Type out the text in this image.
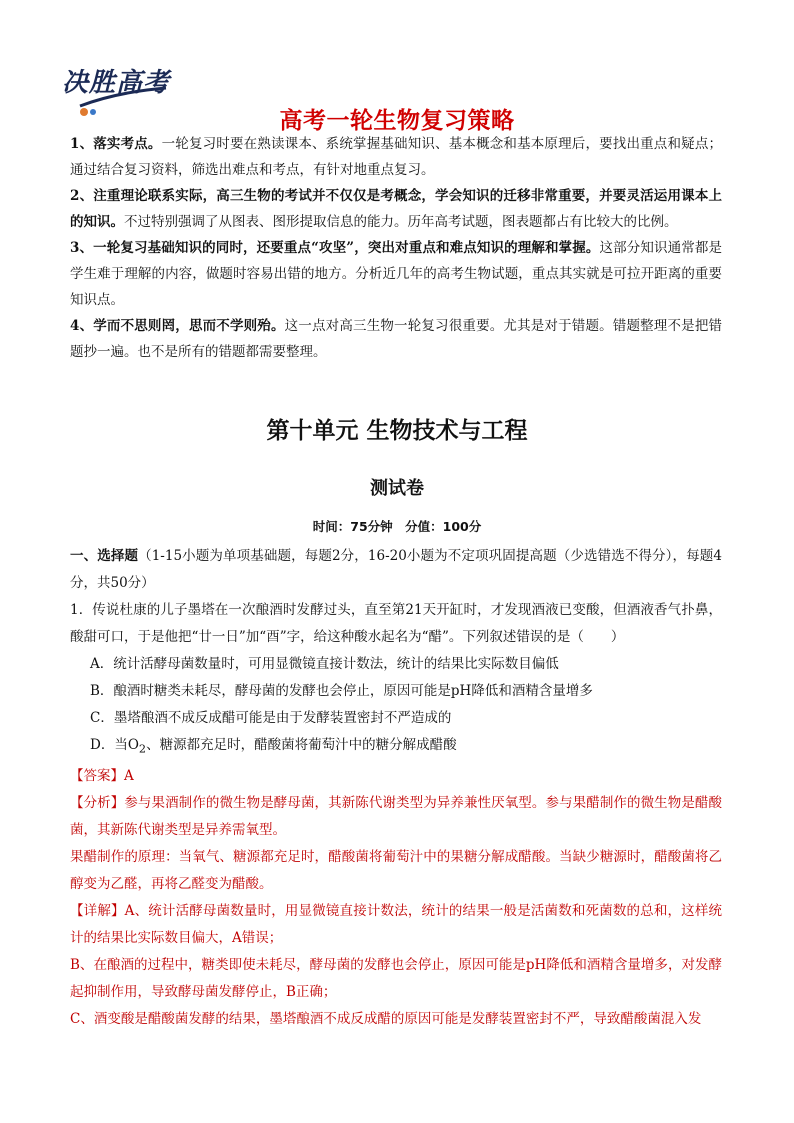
决胜高考
高考一轮生物复习策略

1、落实考点。一轮复习时要在熟读课本、系统掌握基础知识、基本概念和基本原理后，要找出重点和疑点；通过结合复习资料，筛选出难点和考点，有针对地重点复习。

2、注重理论联系实际，高三生物的考试并不仅仅是考概念，学会知识的迁移非常重要，并要灵活运用课本上的知识。不过特别强调了从图表、图形提取信息的能力。历年高考试题，图表题都占有比较大的比例。

3、一轮复习基础知识的同时，还要重点“攻坚”，突出对重点和难点知识的理解和掌握。这部分知识通常都是学生难于理解的内容，做题时容易出错的地方。分析近几年的高考生物试题，重点其实就是可拉开距离的重要知识点。

4、学而不思则罔，思而不学则殆。这一点对高三生物一轮复习很重要。尤其是对于错题。错题整理不是把错题抄一遍。也不是所有的错题都需要整理。

第十单元 生物技术与工程
测试卷
时间：75分钟　分值：100分

一、选择题（1-15小题为单项基础题，每题2分，16-20小题为不定项巩固提高题（少选错选不得分），每题4分，共50分）

1．传说杜康的儿子墨塔在一次酿酒时发酵过头，直至第21天开缸时，才发现酒液已变酸，但酒液香气扑鼻，酸甜可口，于是他把“廿一日”加“酉”字，给这种酸水起名为“醋”。下列叙述错误的是（　　）

A．统计活酵母菌数量时，可用显微镜直接计数法，统计的结果比实际数目偏低

B．酿酒时糖类未耗尽，酵母菌的发酵也会停止，原因可能是pH降低和酒精含量增多

C．墨塔酿酒不成反成醋可能是由于发酵装置密封不严造成的

D．当$O_2$、糖源都充足时，醋酸菌将葡萄汁中的糖分解成醋酸

【答案】A

【分析】参与果酒制作的微生物是酵母菌，其新陈代谢类型为异养兼性厌氧型。参与果醋制作的微生物是醋酸菌，其新陈代谢类型是异养需氧型。

果醋制作的原理：当氧气、糖源都充足时，醋酸菌将葡萄汁中的果糖分解成醋酸。当缺少糖源时，醋酸菌将乙醇变为乙醛，再将乙醛变为醋酸。

【详解】A、统计活酵母菌数量时，用显微镜直接计数法，统计的结果一般是活菌数和死菌数的总和，这样统计的结果比实际数目偏大，A错误；

B、在酿酒的过程中，糖类即使未耗尽，酵母菌的发酵也会停止，原因可能是pH降低和酒精含量增多，对发酵起抑制作用，导致酵母菌发酵停止，B正确；

C、酒变酸是醋酸菌发酵的结果，墨塔酿酒不成反成醋的原因可能是发酵装置密封不严，导致醋酸菌混入发
